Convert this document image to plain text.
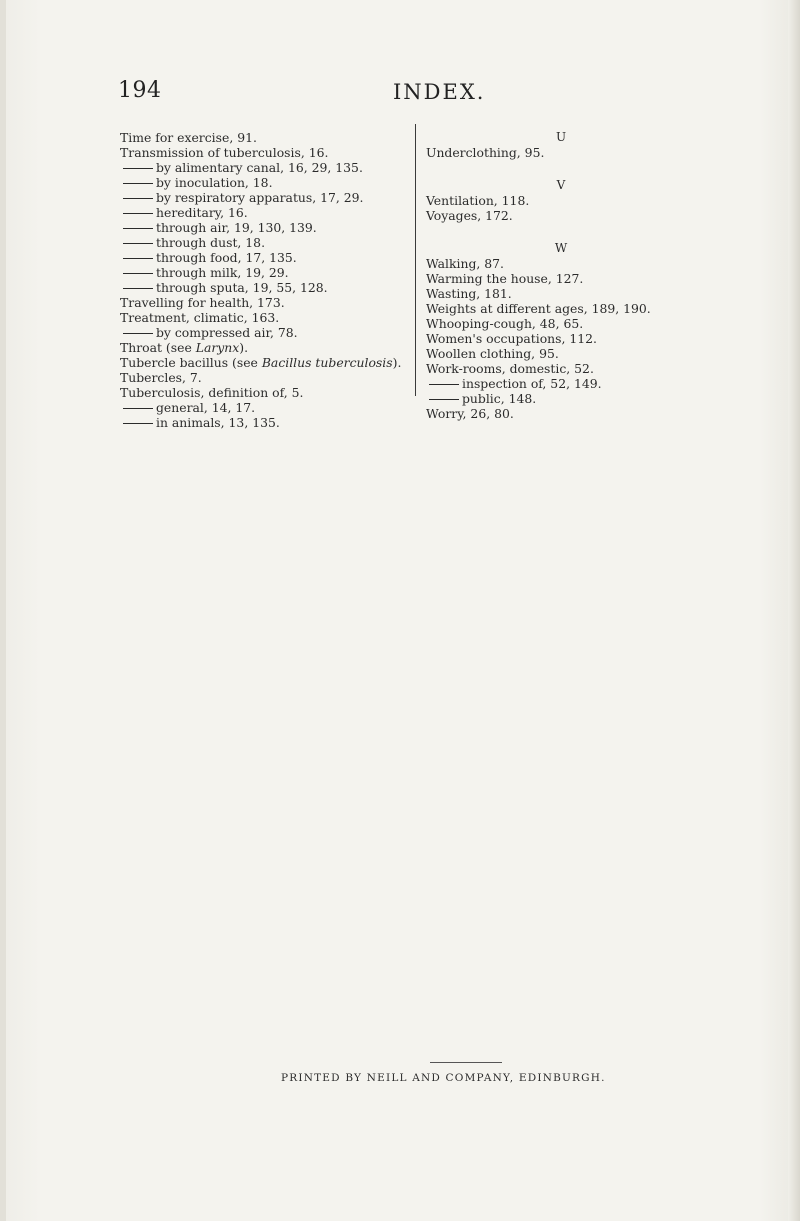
194	INDEX.
Time for exercise, 91.
Transmission of tuberculosis, 16.
by alimentary canal, 16, 29, 135.
by inoculation, 18.
by respiratory apparatus, 17, 29.
hereditary, 16.
through air, 19, 130, 139.
through dust, 18.
through food, 17, 135.
through milk, 19, 29.
through sputa, 19, 55, 128.
Travelling for health, 173.
Treatment, climatic, 163.
by compressed air, 78.
Throat (see Larynx).
Tubercle bacillus (see Bacillus tuberculosis).
Tubercles, 7.
Tuberculosis, definition of, 5.
general, 14, 17.
in animals, 13, 135.
U
Underclothing, 95.
V
Ventilation, 118.
Voyages, 172.
W
Walking, 87.
Warming the house, 127.
Wasting, 181.
Weights at different ages, 189, 190.
Whooping-cough, 48, 65.
Women's occupations, 112.
Woollen clothing, 95.
Work-rooms, domestic, 52.
inspection of, 52, 149.
public, 148.
Worry, 26, 80.
PRINTED BY NEILL AND COMPANY, EDINBURGH.
